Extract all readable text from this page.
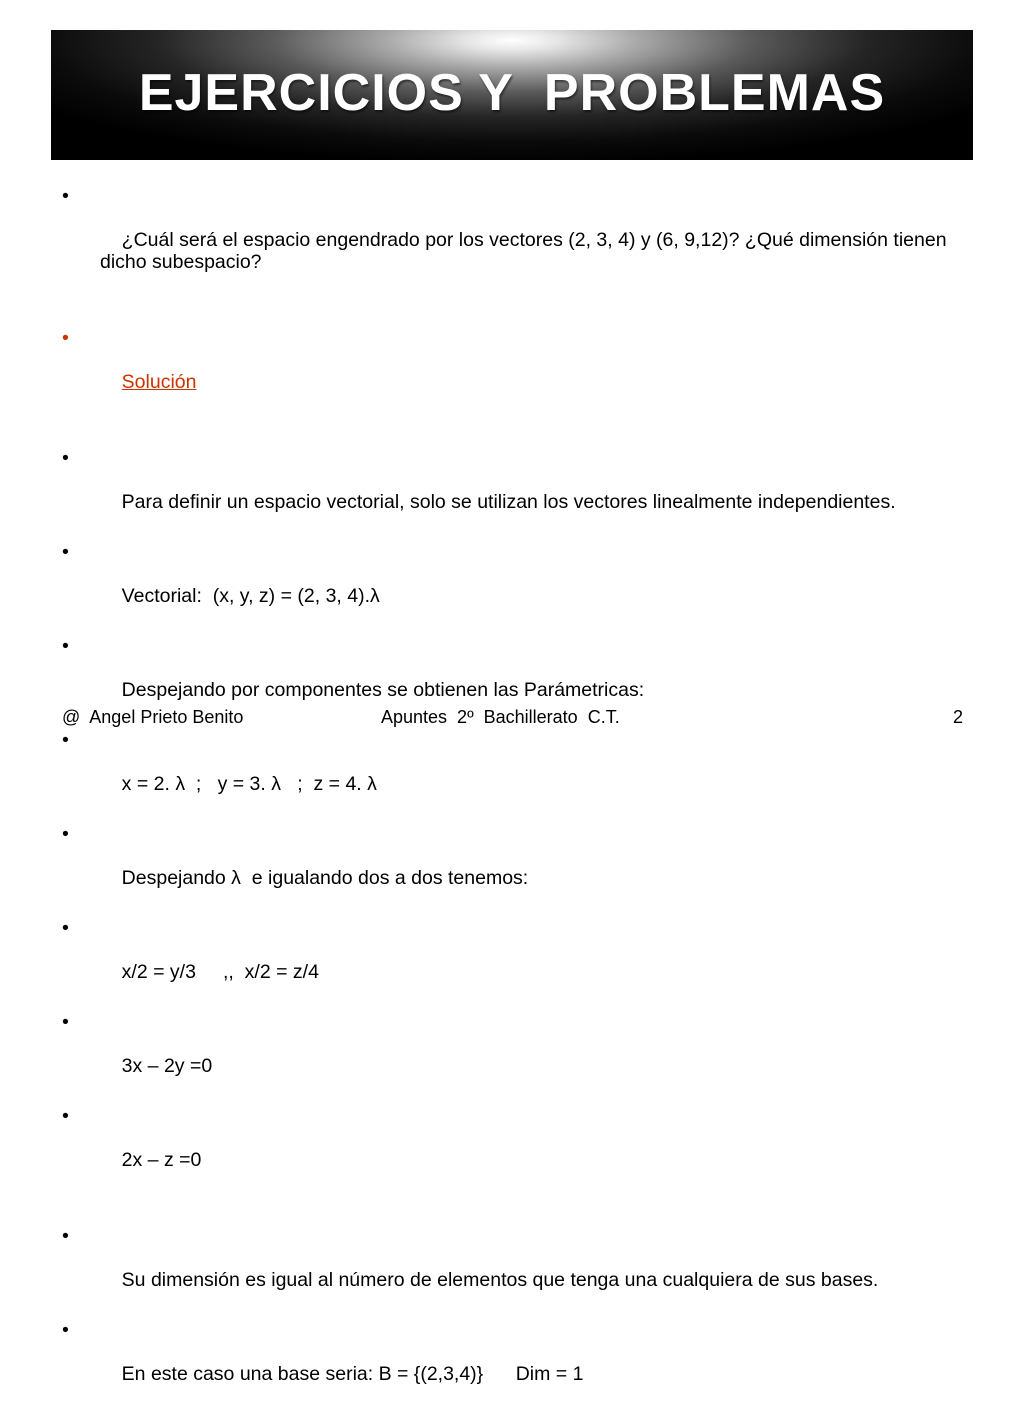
EJERCICIOS Y  PROBLEMAS

•

¿Cuál será el espacio engendrado por los vectores (2, 3, 4) y (6, 9,12)? ¿Qué dimensión tienen dicho subespacio?

•

Solución

•

Para definir un espacio vectorial, solo se utilizan los vectores linealmente independientes.

•

Vectorial:  (x, y, z) = (2, 3, 4).λ

•

Despejando por componentes se obtienen las Parámetricas:

•

x = 2. λ  ;   y = 3. λ   ;  z = 4. λ

•

Despejando λ  e igualando dos a dos tenemos:

•

x/2 = y/3     ,,  x/2 = z/4

•

3x – 2y =0

•

2x – z =0

•

Su dimensión es igual al número de elementos que tenga una cualquiera de sus bases.

•

En este caso una base seria: B = {(2,3,4)}      Dim = 1

@  Angel Prieto Benito	Apuntes  2º  Bachillerato  C.T.	2
